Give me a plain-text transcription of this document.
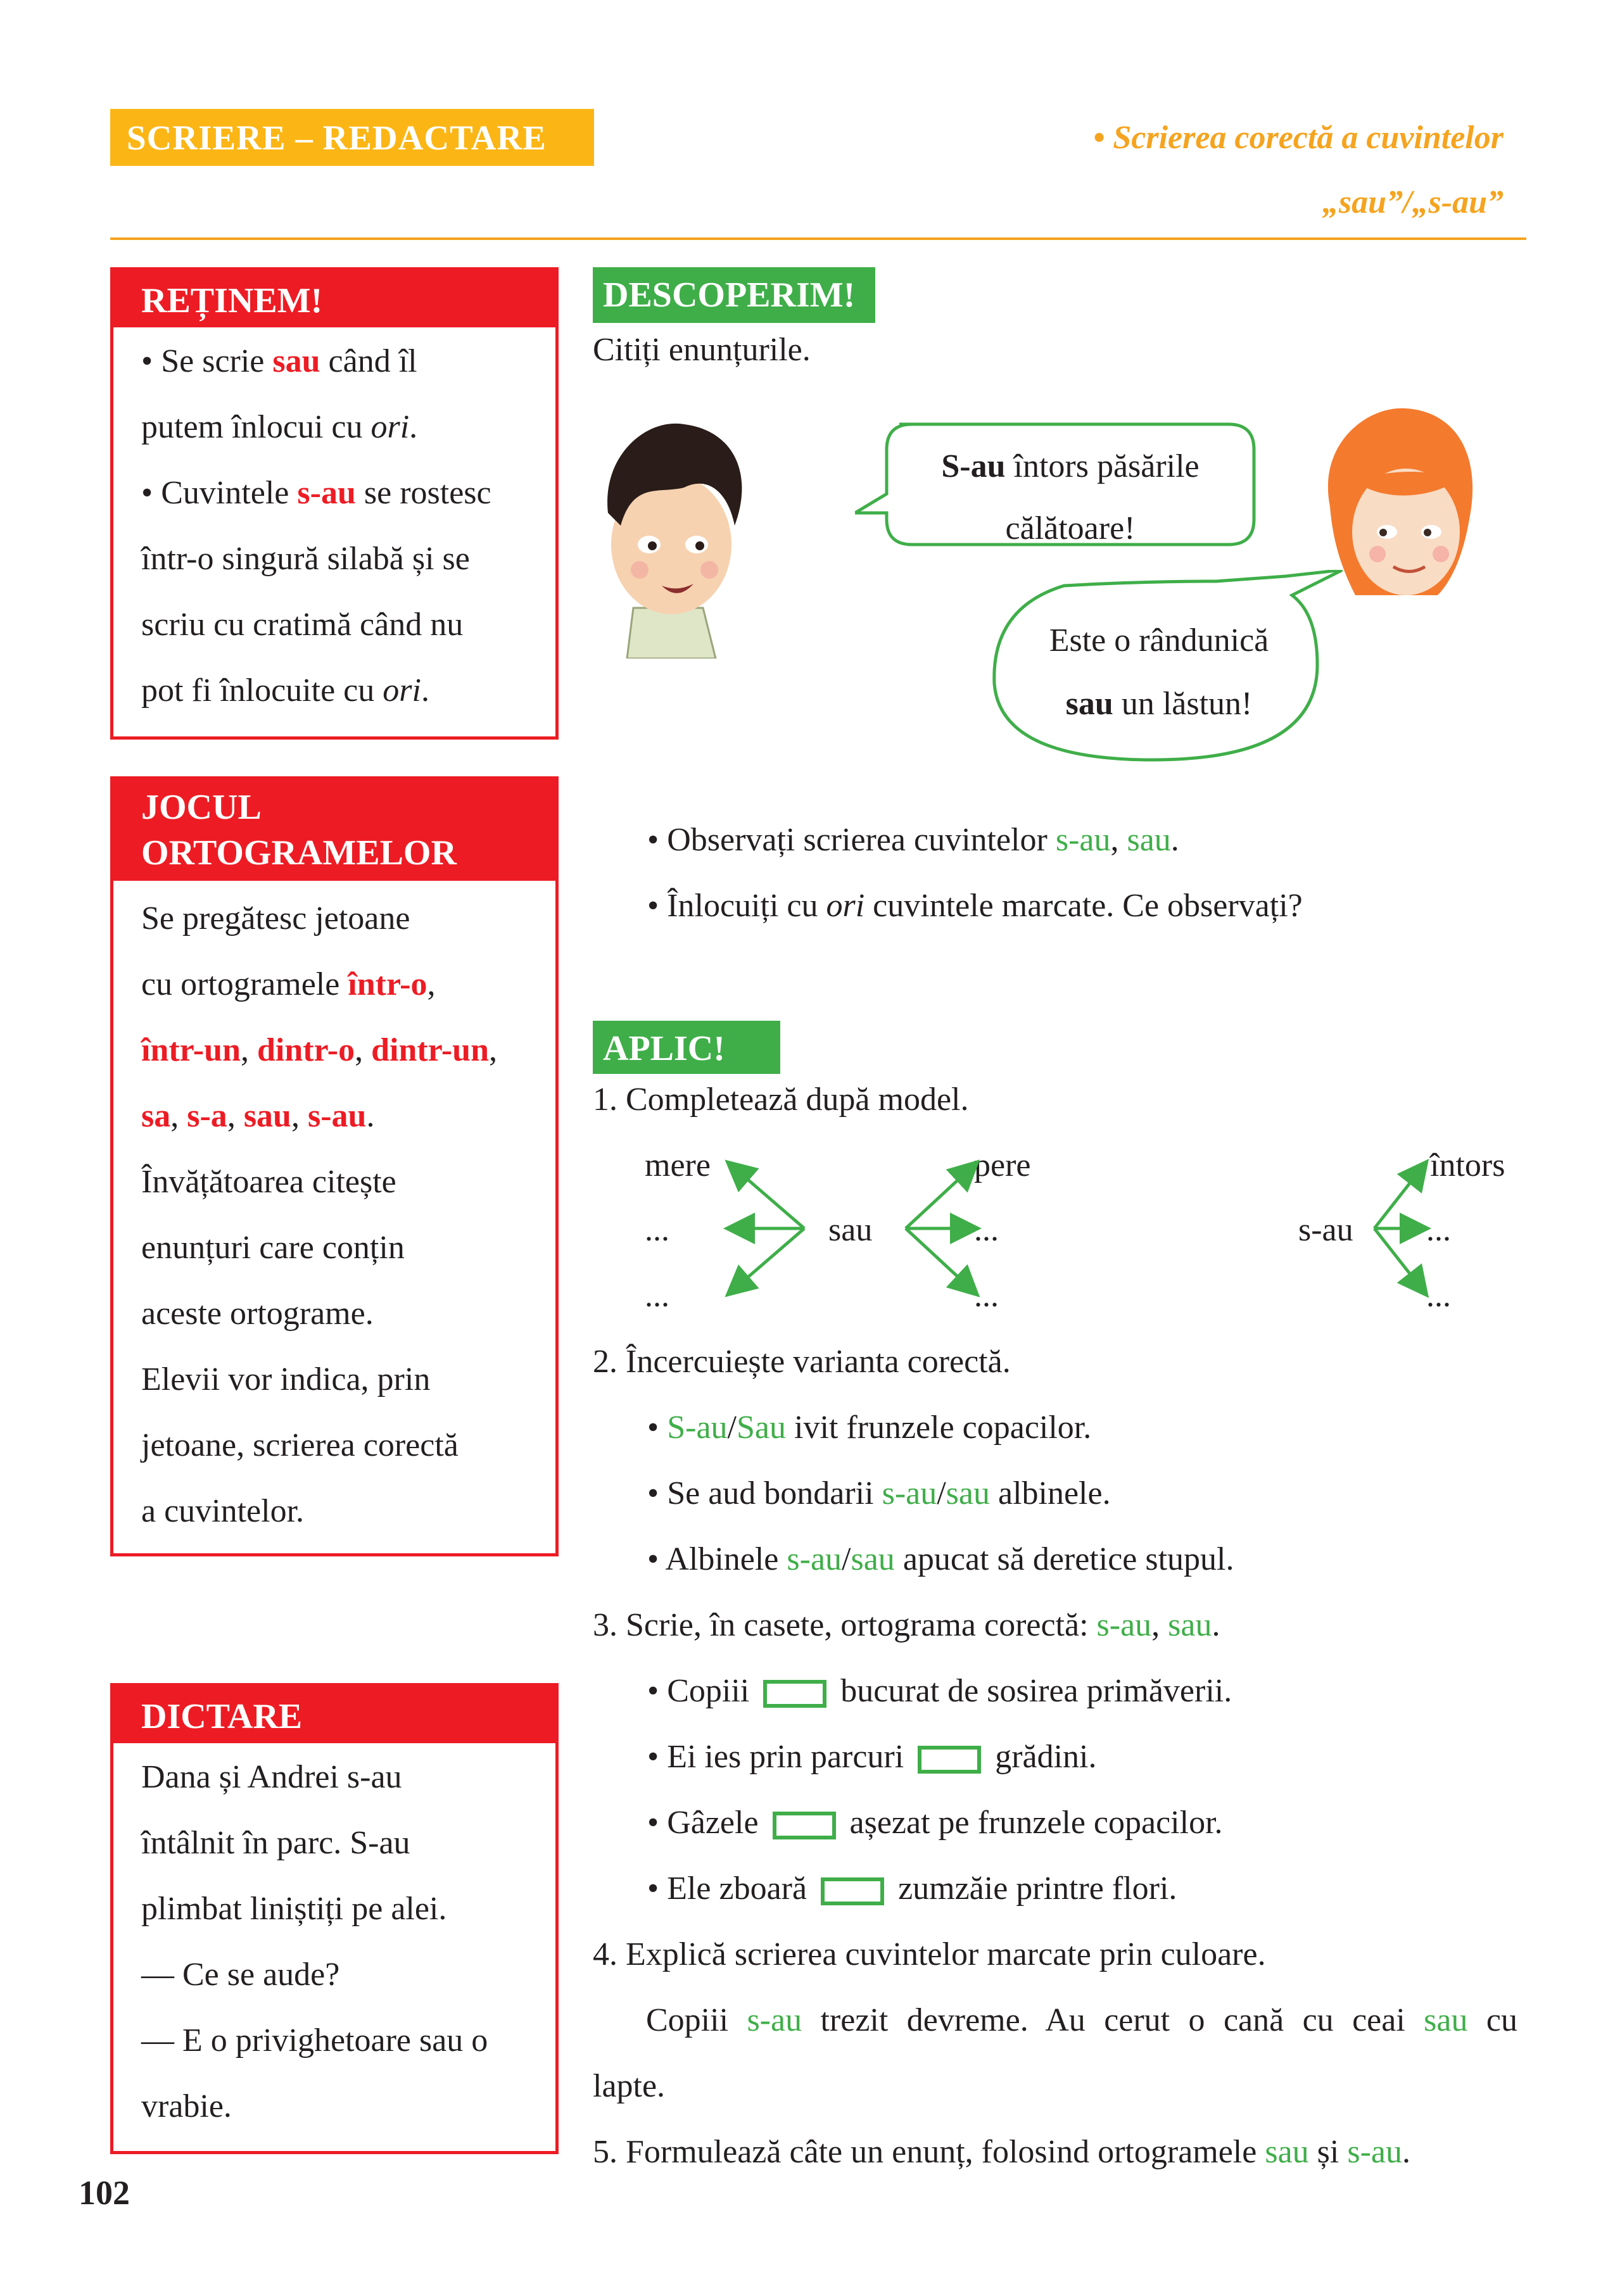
SCRIERE – REDACTARE	• Scrierea corectă a cuvintelor
„sau”/„s-au”
REȚINEM!
• Se scrie sau când îl
putem înlocui cu ori.
• Cuvintele s-au se rostesc
într-o singură silabă și se
scriu cu cratimă când nu
pot fi înlocuite cu ori.
JOCUL
ORTOGRAMELOR
Se pregătesc jetoane
cu ortogramele într-o,
într-un, dintr-o, dintr-un,
sa, s-a, sau, s-au.
Învățătoarea citește
enunțuri care conțin
aceste ortograme.
Elevii vor indica, prin
jetoane, scrierea corectă
a cuvintelor.
DICTARE
Dana și Andrei s-au
întâlnit în parc. S-au
plimbat liniștiți pe alei.
— Ce se aude?
— E o privighetoare sau o
vrabie.
DESCOPERIM!
Citiți enunțurile.
S-au întors păsările
călătoare!
Este o rândunică
sau un lăstun!
• Observați scrierea cuvintelor s-au, sau.
• Înlocuiți cu ori cuvintele marcate. Ce observați?
APLIC!
1. Completează după model.
mere
...
...
sau
pere
...
...
s-au
întors
...
...
2. Încercuiește varianta corectă.
• S-au/Sau ivit frunzele copacilor.
• Se aud bondarii s-au/sau albinele.
• Albinele s-au/sau apucat să deretice stupul.
3. Scrie, în casete, ortograma corectă: s-au, sau.
• Copiii	bucurat de sosirea primăverii.
• Ei ies prin parcuri	grădini.
• Gâzele	așezat pe frunzele copacilor.
• Ele zboară	zumzăie printre flori.
4. Explică scrierea cuvintelor marcate prin culoare.
Copiii s-au trezit devreme. Au cerut o cană cu ceai sau cu
lapte.
5. Formulează câte un enunț, folosind ortogramele sau și s-au.
102
